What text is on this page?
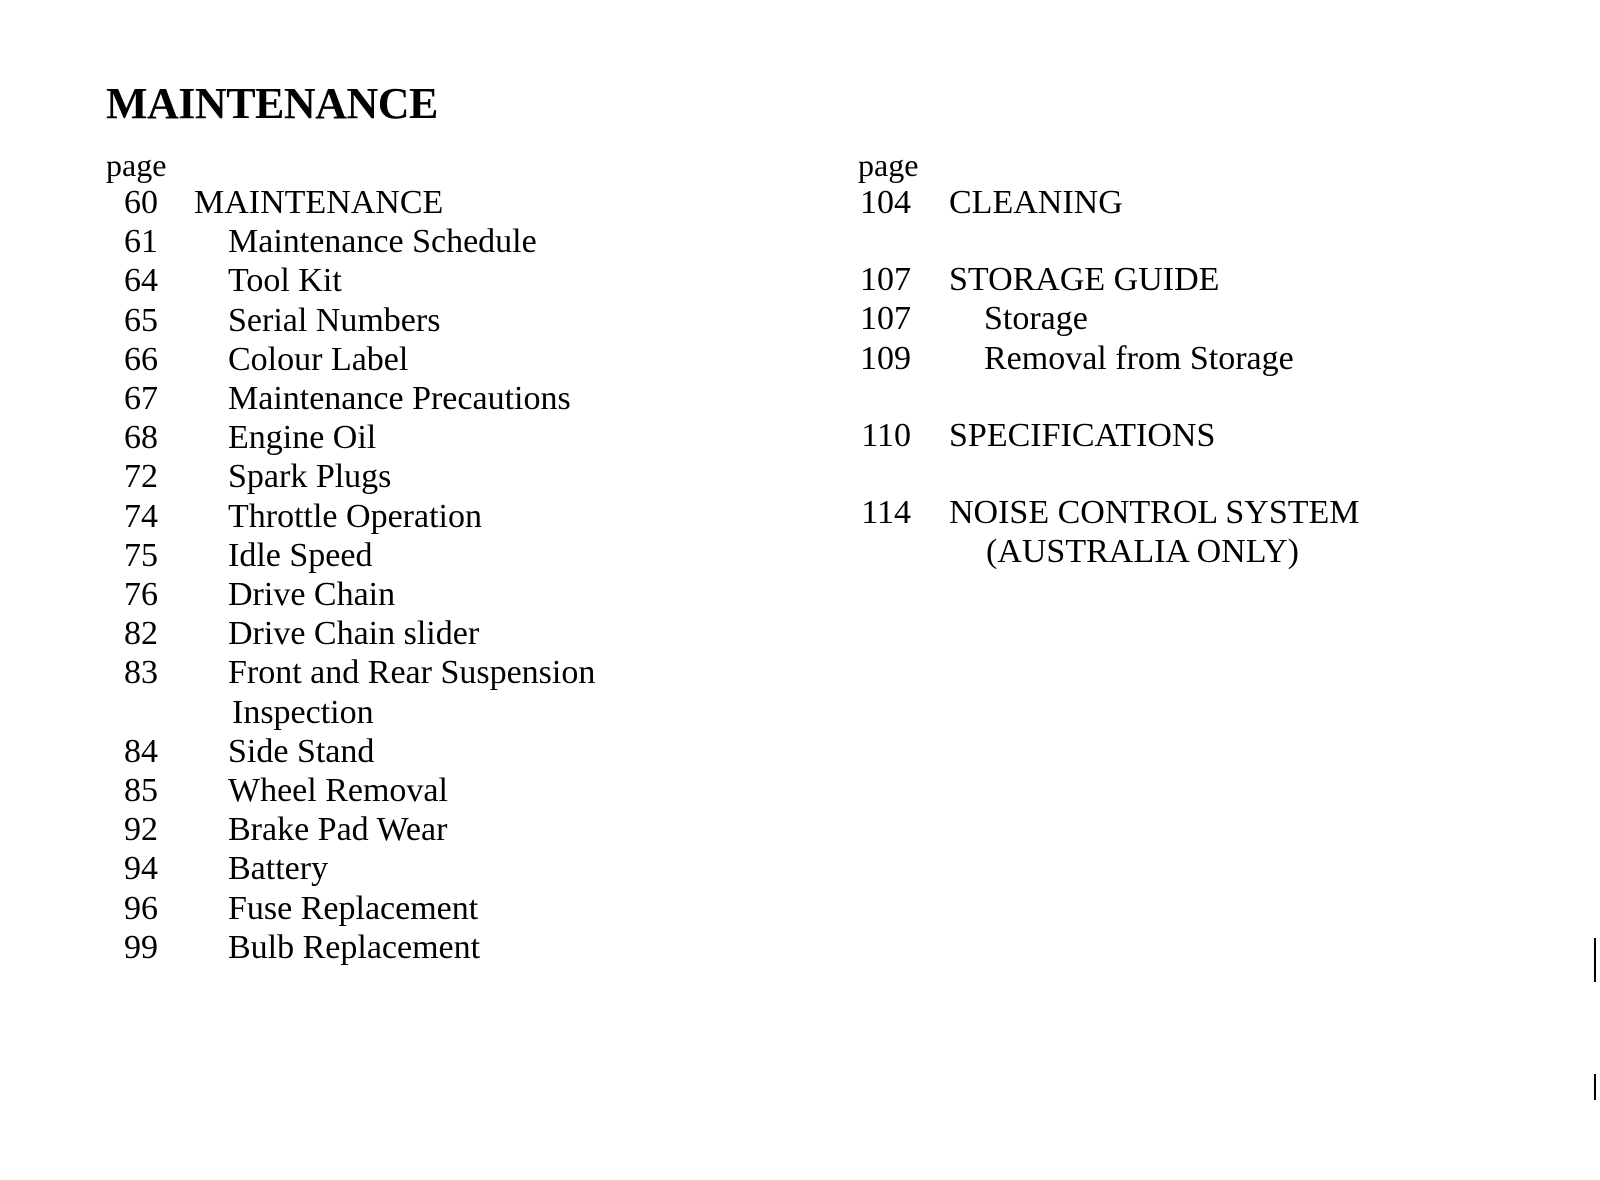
MAINTENANCE
page
60 MAINTENANCE
61 Maintenance Schedule
64 Tool Kit
65 Serial Numbers
66 Colour Label
67 Maintenance Precautions
68 Engine Oil
72 Spark Plugs
74 Throttle Operation
75 Idle Speed
76 Drive Chain
82 Drive Chain slider
83 Front and Rear Suspension
Inspection
84 Side Stand
85 Wheel Removal
92 Brake Pad Wear
94 Battery
96 Fuse Replacement
99 Bulb Replacement
page
104 CLEANING
107 STORAGE GUIDE
107 Storage
109 Removal from Storage
110 SPECIFICATIONS
114 NOISE CONTROL SYSTEM
(AUSTRALIA ONLY)
